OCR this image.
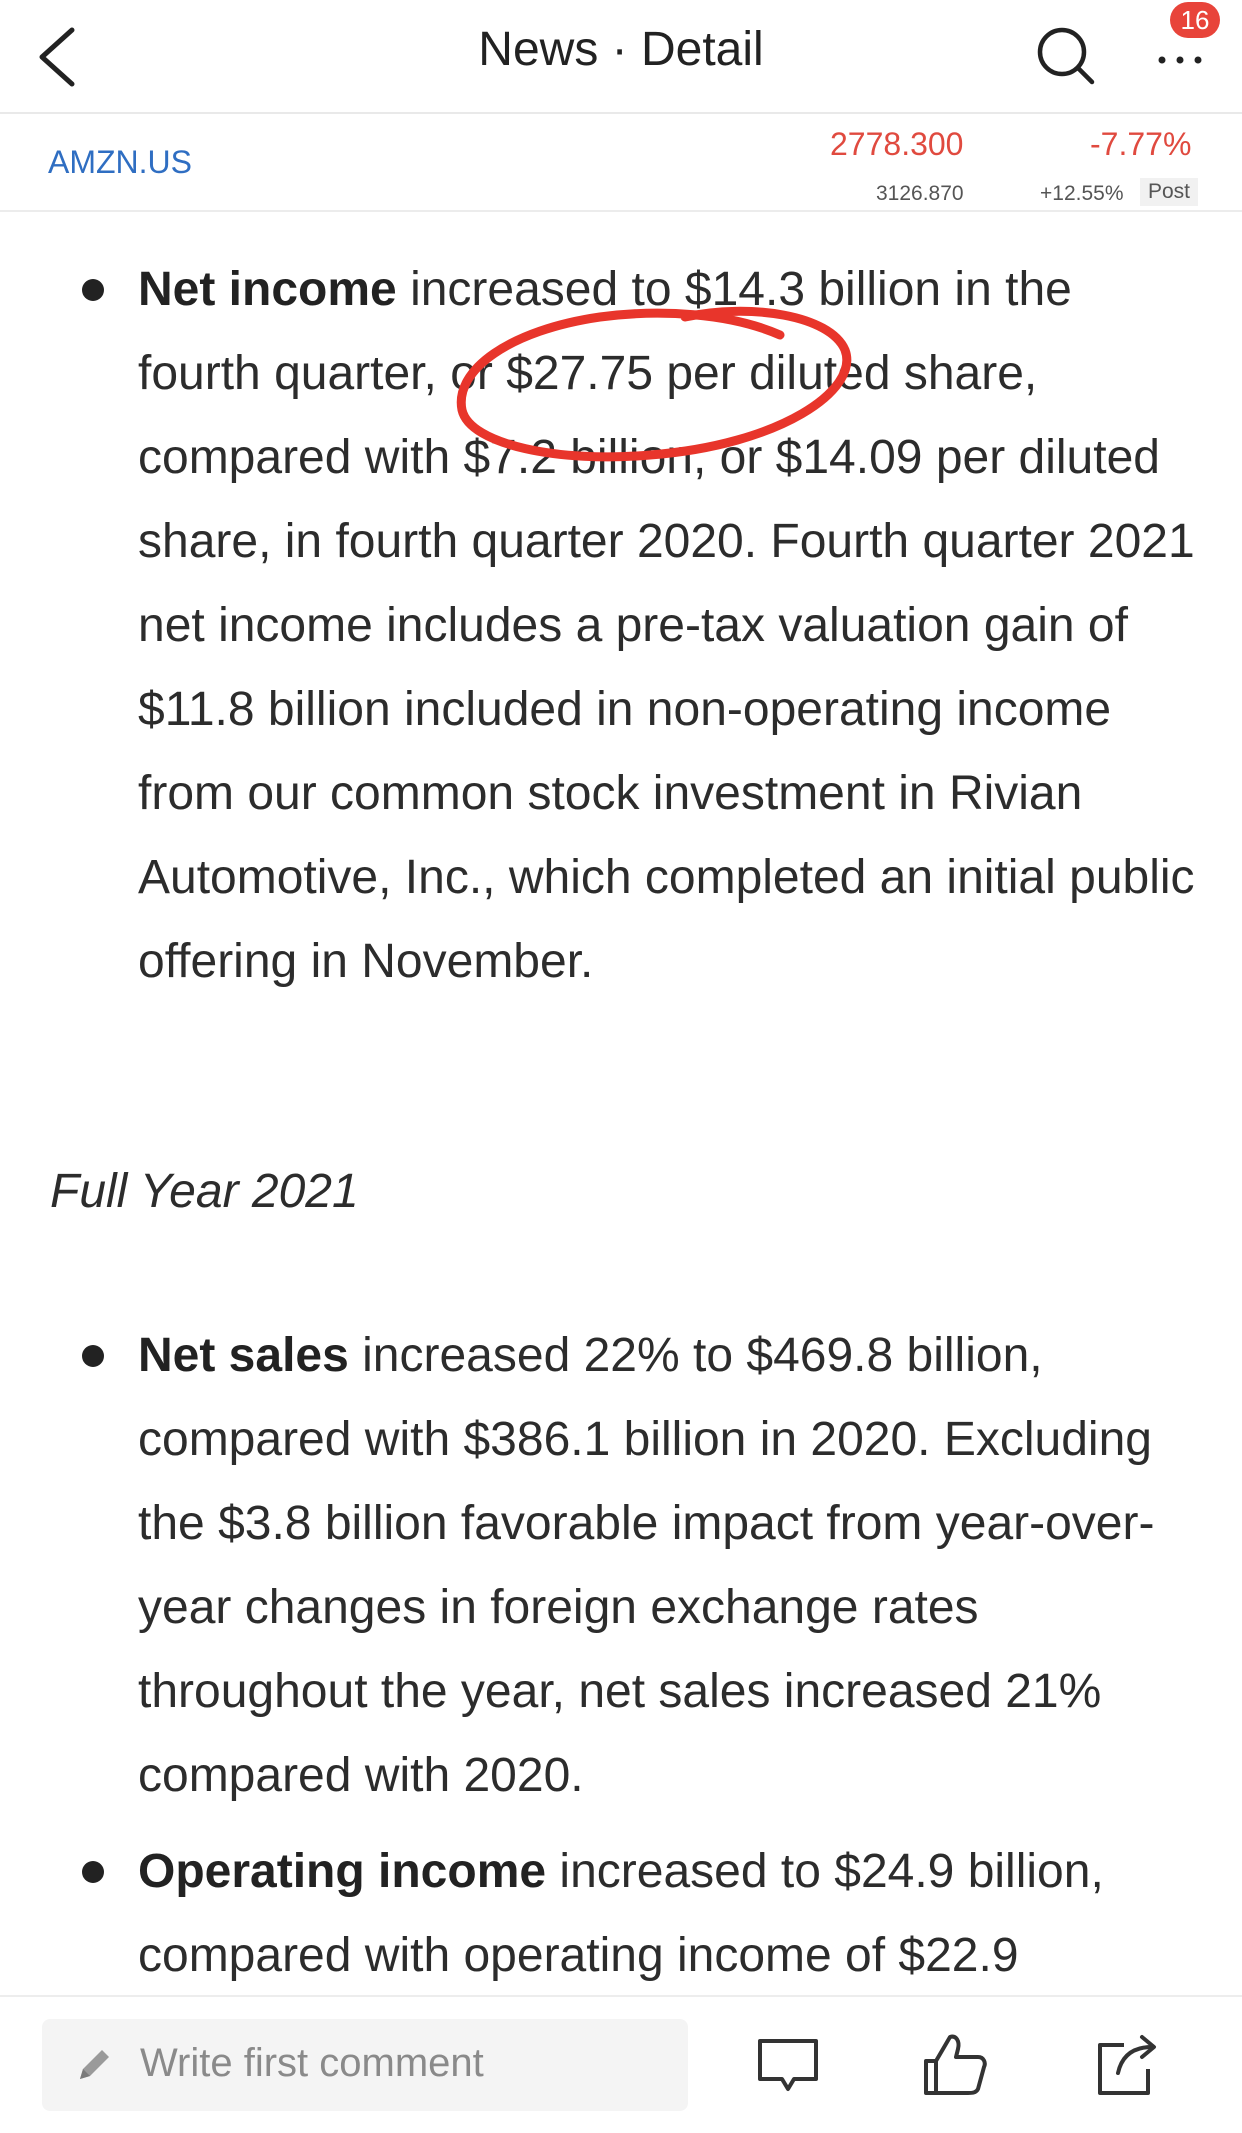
News · Detail
16
AMZN.US	2778.300	-7.77%
3126.870	+12.55%	Post
Net income increased to $14.3 billion in the fourth quarter, or $27.75 per diluted share, compared with $7.2 billion, or $14.09 per diluted share, in fourth quarter 2020. Fourth quarter 2021 net income includes a pre-tax valuation gain of $11.8 billion included in non-operating income from our common stock investment in Rivian Automotive, Inc., which completed an initial public offering in November.
Full Year 2021
Net sales increased 22% to $469.8 billion, compared with $386.1 billion in 2020. Excluding the $3.8 billion favorable impact from year-over-year changes in foreign exchange rates throughout the year, net sales increased 21% compared with 2020.
Operating income increased to $24.9 billion, compared with operating income of $22.9
Write first comment
